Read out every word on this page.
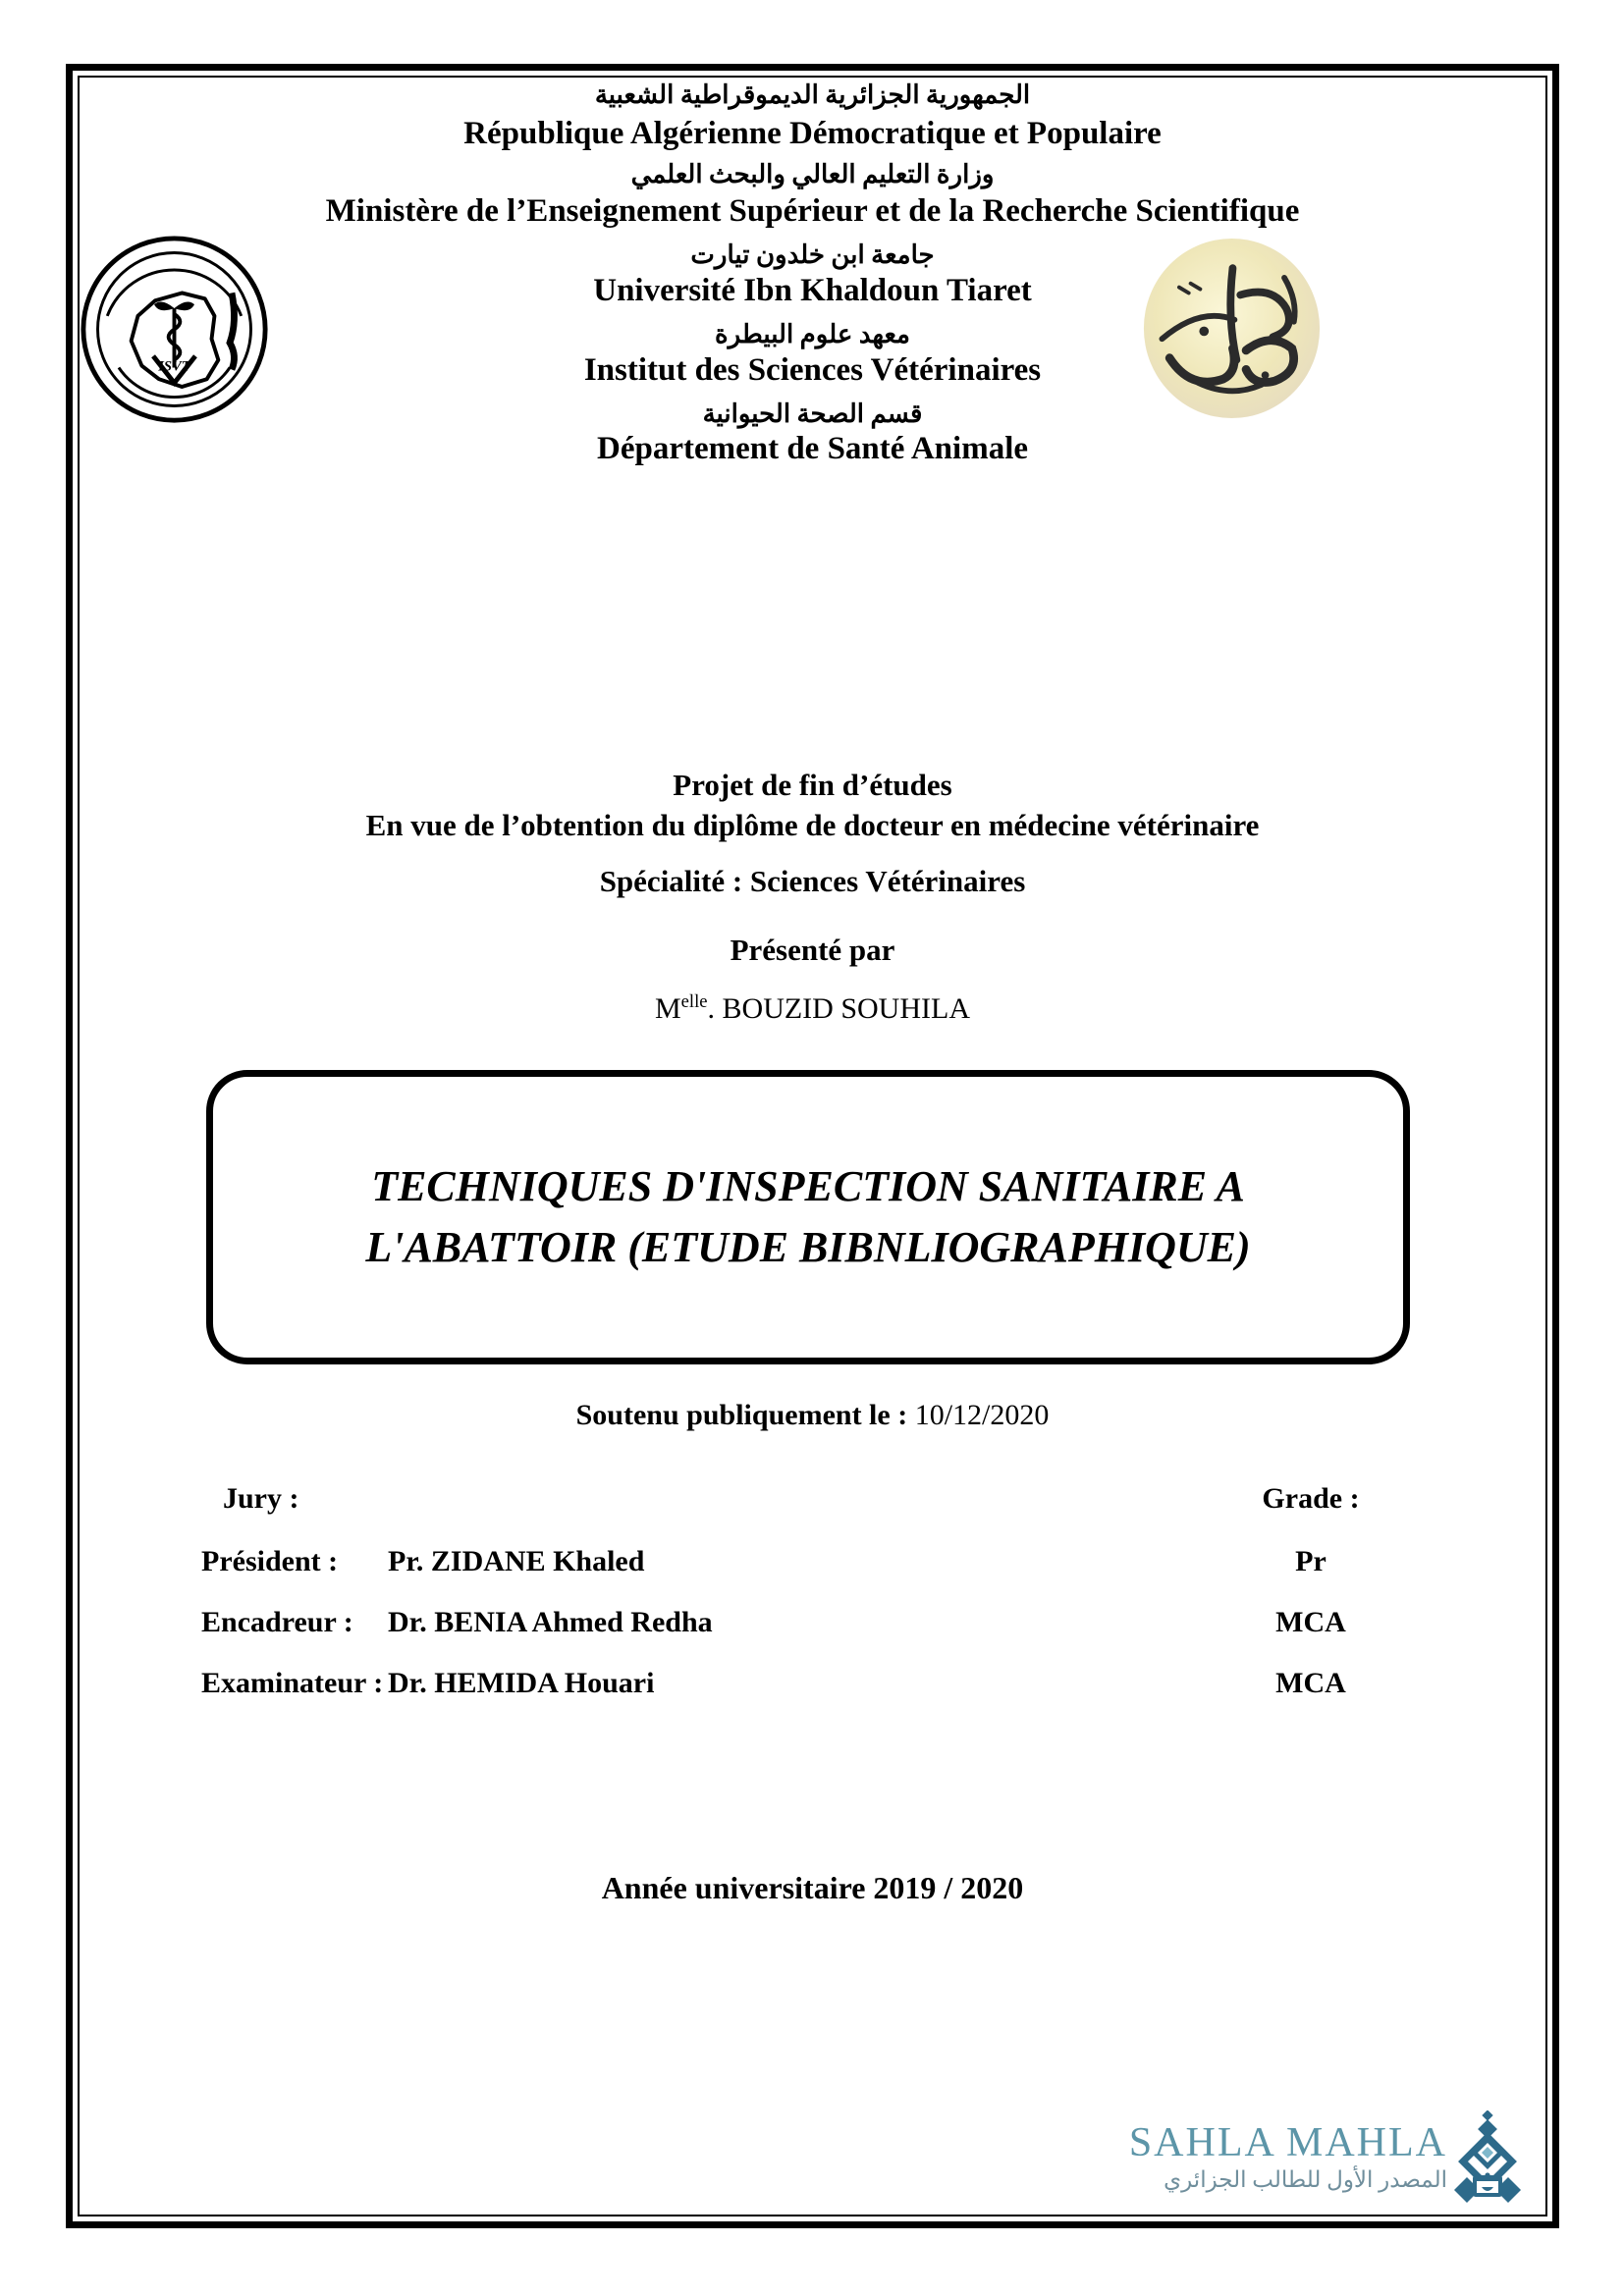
الجمهورية الجزائرية الديموقراطية الشعبية
République Algérienne Démocratique et Populaire
وزارة التعليم العالي والبحث العلمي
Ministère de l’Enseignement Supérieur et de la Recherche Scientifique
جامعة ابن خلدون تيارت
Université Ibn Khaldoun Tiaret
معهد علوم البيطرة
Institut des Sciences Vétérinaires
قسم الصحة الحيوانية
Département de Santé Animale
ISVT
Projet de fin d’études
En vue de l’obtention du diplôme de docteur en médecine vétérinaire
Spécialité : Sciences Vétérinaires
Présenté par
$M^{elle}$. BOUZID SOUHILA
TECHNIQUES D'INSPECTION SANITAIRE A L'ABATTOIR (ETUDE BIBNLIOGRAPHIQUE)
Soutenu publiquement le : 10/12/2020
Jury :	Grade :
Président :	Pr. ZIDANE Khaled	Pr
Encadreur :	Dr. BENIA Ahmed Redha	MCA
Examinateur : Dr. HEMIDA Houari	MCA
Année universitaire 2019 / 2020
SAHLA MAHLA
المصدر الأول للطالب الجزائري
